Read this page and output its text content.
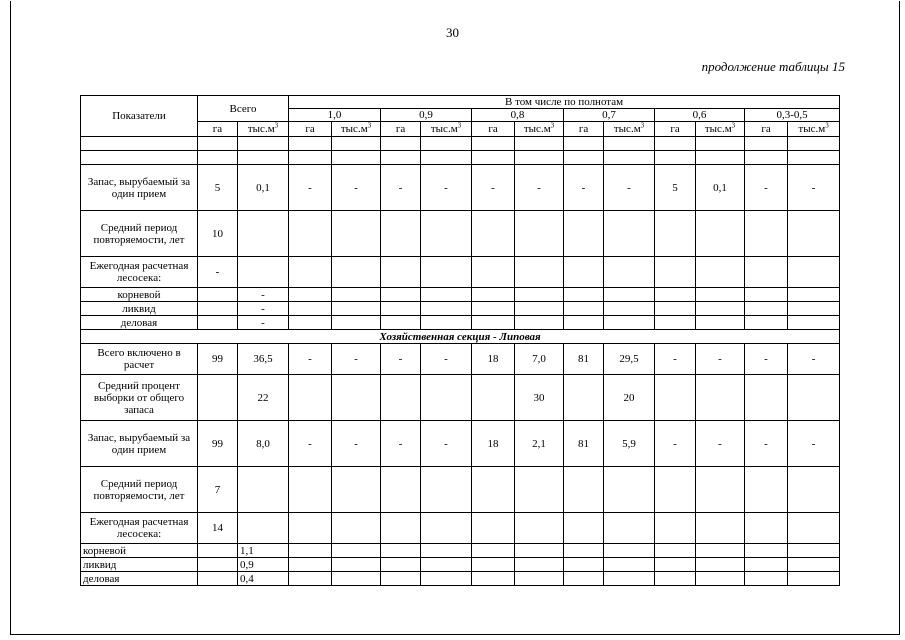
30
продолжение таблицы 15
Показатели	Всего		В том числе по полнотам											
			1,0		0,9		0,8		0,7		0,6		0,3-0,5	
	га	$тыс.м^3$	га	$тыс.м^3$	га	$тыс.м^3$	га	$тыс.м^3$	га	$тыс.м^3$	га	$тыс.м^3$	га	$тыс.м^3$

Запас, вырубаемый за один прием	5	0,1	-	-	-	-	-	-	-	-	5	0,1	-	-
Средний период повторяемости, лет	10													
Ежегодная расчетная лесосека:	-													
корневой		-												
ликвид		-												
деловая		-												
Хозяйственная секция - Липовая														
Всего включено в расчет	99	36,5	-	-	-	-	18	7,0	81	29,5	-	-	-	-
Средний процент выборки от общего запаса		22						30		20				
Запас, вырубаемый за один прием	99	8,0	-	-	-	-	18	2,1	81	5,9	-	-	-	-
Средний период повторяемости, лет	7													
Ежегодная расчетная лесосека:	14													
корневой		1,1												
ликвид		0,9												
деловая		0,4												
